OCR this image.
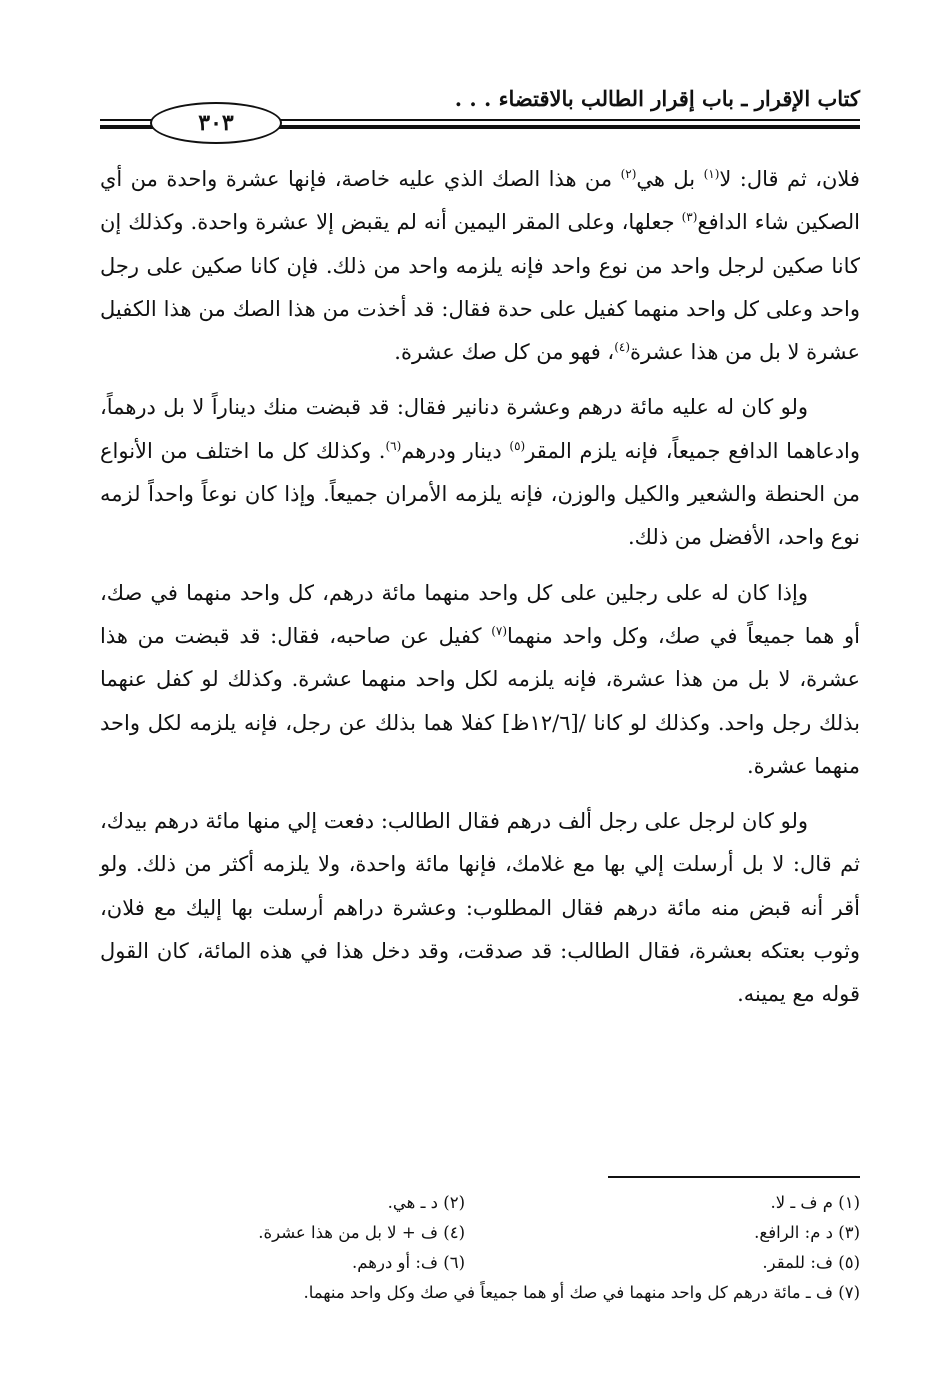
كتاب الإقرار ـ باب إقرار الطالب بالاقتضاء . . .
٣٠٣

فلان، ثم قال: لا$^{(١)}$ بل هي$^{(٢)}$ من هذا الصك الذي عليه خاصة، فإنها عشرة واحدة من أي الصكين شاء الدافع$^{(٣)}$ جعلها، وعلى المقر اليمين أنه لم يقبض إلا عشرة واحدة. وكذلك إن كانا صكين لرجل واحد من نوع واحد فإنه يلزمه واحد من ذلك. فإن كانا صكين على رجل واحد وعلى كل واحد منهما كفيل على حدة فقال: قد أخذت من هذا الصك من هذا الكفيل عشرة لا بل من هذا عشرة$^{(٤)}$، فهو من كل صك عشرة.

ولو كان له عليه مائة درهم وعشرة دنانير فقال: قد قبضت منك ديناراً لا بل درهماً، وادعاهما الدافع جميعاً، فإنه يلزم المقر$^{(٥)}$ دينار ودرهم$^{(٦)}$. وكذلك كل ما اختلف من الأنواع من الحنطة والشعير والكيل والوزن، فإنه يلزمه الأمران جميعاً. وإذا كان نوعاً واحداً لزمه نوع واحد، الأفضل من ذلك.

وإذا كان له على رجلين على كل واحد منهما مائة درهم، كل واحد منهما في صك، أو هما جميعاً في صك، وكل واحد منهما$^{(٧)}$ كفيل عن صاحبه، فقال: قد قبضت من هذا عشرة، لا بل من هذا عشرة، فإنه يلزمه لكل واحد منهما عشرة. وكذلك لو كفل عنهما بذلك رجل واحد. وكذلك لو كانا /[١٢/٦ظ] كفلا هما بذلك عن رجل، فإنه يلزمه لكل واحد منهما عشرة.

ولو كان لرجل على رجل ألف درهم فقال الطالب: دفعت إلي منها مائة درهم بيدك، ثم قال: لا بل أرسلت إلي بها مع غلامك، فإنها مائة واحدة، ولا يلزمه أكثر من ذلك. ولو أقر أنه قبض منه مائة درهم فقال المطلوب: وعشرة دراهم أرسلت بها إليك مع فلان، وثوب بعتكه بعشرة، فقال الطالب: قد صدقت، وقد دخل هذا في هذه المائة، كان القول قوله مع يمينه.

(١) م ف ـ لا.
(٢) د ـ هي.
(٣) د م: الرافع.
(٤) ف + لا بل من هذا عشرة.
(٥) ف: للمقر.
(٦) ف: أو درهم.
(٧) ف ـ مائة درهم كل واحد منهما في صك أو هما جميعاً في صك وكل واحد منهما.
